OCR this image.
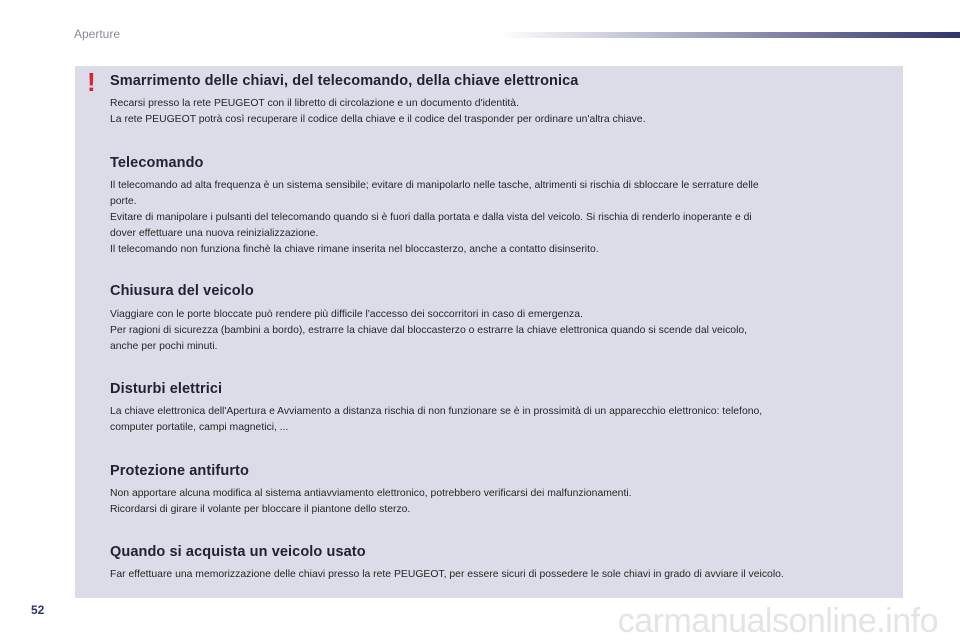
Aperture
! Smarrimento delle chiavi, del telecomando, della chiave elettronica

Recarsi presso la rete PEUGEOT con il libretto di circolazione e un documento d'identità.

La rete PEUGEOT potrà così recuperare il codice della chiave e il codice del trasponder per ordinare un'altra chiave.

Telecomando

Il telecomando ad alta frequenza è un sistema sensibile; evitare di manipolarlo nelle tasche, altrimenti si rischia di sbloccare le serrature delle

porte.

Evitare di manipolare i pulsanti del telecomando quando si è fuori dalla portata e dalla vista del veicolo. Si rischia di renderlo inoperante e di

dover effettuare una nuova reinizializzazione.

Il telecomando non funziona finchè la chiave rimane inserita nel bloccasterzo, anche a contatto disinserito.

Chiusura del veicolo

Viaggiare con le porte bloccate può rendere più difficile l'accesso dei soccorritori in caso di emergenza.

Per ragioni di sicurezza (bambini a bordo), estrarre la chiave dal bloccasterzo o estrarre la chiave elettronica quando si scende dal veicolo,

anche per pochi minuti.

Disturbi elettrici

La chiave elettronica dell'Apertura e Avviamento a distanza rischia di non funzionare se è in prossimità di un apparecchio elettronico: telefono,

computer portatile, campi magnetici, ...

Protezione antifurto

Non apportare alcuna modifica al sistema antiavviamento elettronico, potrebbero verificarsi dei malfunzionamenti.

Ricordarsi di girare il volante per bloccare il piantone dello sterzo.

Quando si acquista un veicolo usato

Far effettuare una memorizzazione delle chiavi presso la rete PEUGEOT, per essere sicuri di possedere le sole chiavi in grado di avviare il veicolo.

52	carmanualsonline.info
